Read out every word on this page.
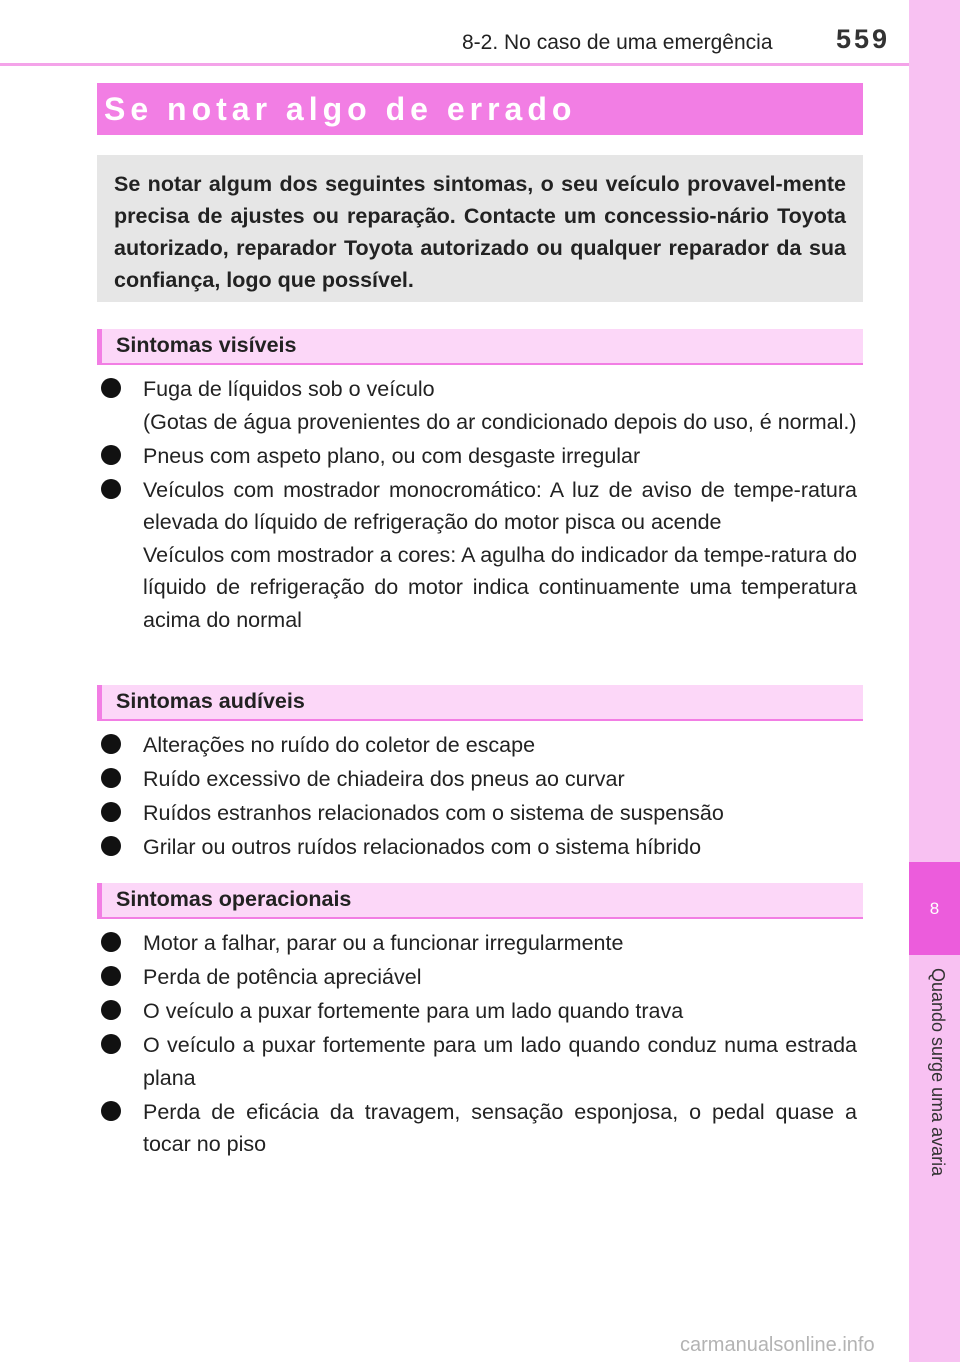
8-2. No caso de uma emergência 559
8
Quando surge uma avaria
Se notar algo de errado

Se notar algum dos seguintes sintomas, o seu veículo provavel-mente precisa de ajustes ou reparação. Contacte um concessio-nário Toyota autorizado, reparador Toyota autorizado ou qualquer reparador da sua confiança, logo que possível.

Sintomas visíveis
Fuga de líquidos sob o veículo
(Gotas de água provenientes do ar condicionado depois do uso, é normal.)
Pneus com aspeto plano, ou com desgaste irregular
Veículos com mostrador monocromático: A luz de aviso de tempe-ratura elevada do líquido de refrigeração do motor pisca ou acende
Veículos com mostrador a cores: A agulha do indicador da tempe-ratura do líquido de refrigeração do motor indica continuamente uma temperatura acima do normal
Sintomas audíveis
Alterações no ruído do coletor de escape
Ruído excessivo de chiadeira dos pneus ao curvar
Ruídos estranhos relacionados com o sistema de suspensão
Grilar ou outros ruídos relacionados com o sistema híbrido
Sintomas operacionais
Motor a falhar, parar ou a funcionar irregularmente
Perda de potência apreciável
O veículo a puxar fortemente para um lado quando trava
O veículo a puxar fortemente para um lado quando conduz numa estrada plana
Perda de eficácia da travagem, sensação esponjosa, o pedal quase a tocar no piso
carmanualsonline.info
